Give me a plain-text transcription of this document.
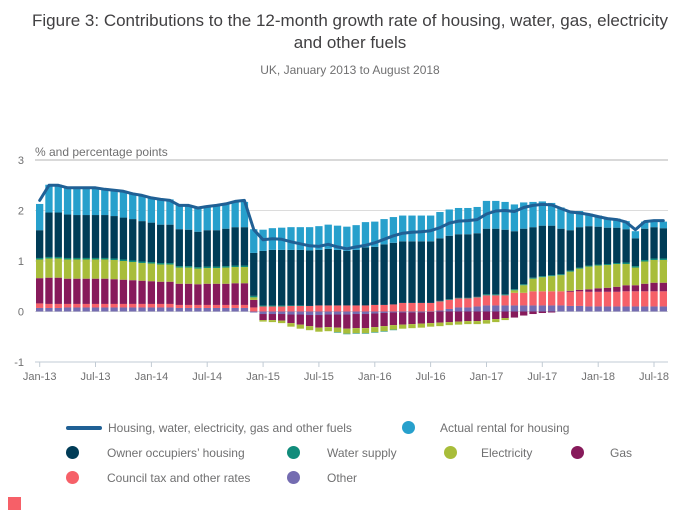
Figure 3: Contributions to the 12-month growth rate of housing, water, gas, electricity and other fuels
UK, January 2013 to August 2018
% and percentage points
Jan-13 Jul-13 Jan-14 Jul-14 Jan-15 Jul-15 Jan-16 Jul-16 Jan-17 Jul-17 Jan-18 Jul-18
3
2
1
0
-1
Housing, water, electricity, gas and other fuels	Actual rental for housing
Owner occupiers’ housing	Water supply	Electricity	Gas
Council tax and other rates	Other
